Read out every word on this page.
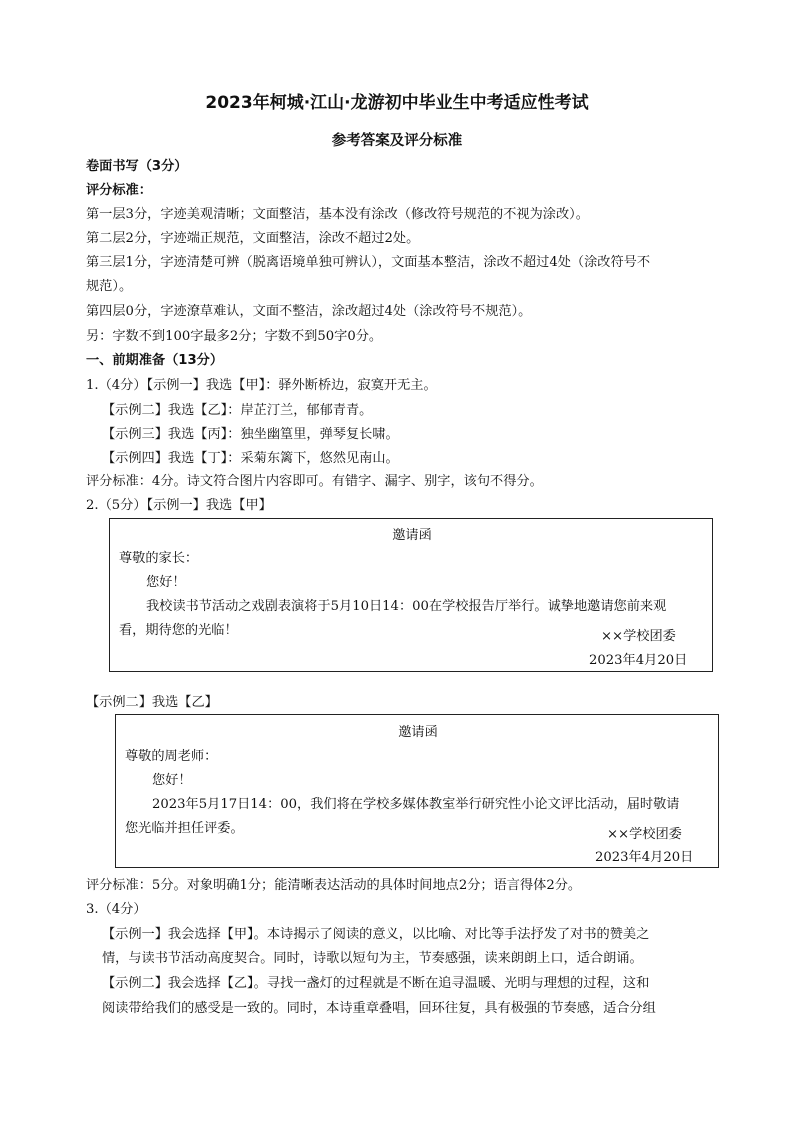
2023年柯城·江山·龙游初中毕业生中考适应性考试
参考答案及评分标准
卷面书写（3分）
评分标准：
第一层3分，字迹美观清晰；文面整洁，基本没有涂改（修改符号规范的不视为涂改）。
第二层2分，字迹端正规范，文面整洁，涂改不超过2处。
第三层1分，字迹清楚可辨（脱离语境单独可辨认），文面基本整洁，涂改不超过4处（涂改符号不
规范）。
第四层0分，字迹潦草难认，文面不整洁，涂改超过4处（涂改符号不规范）。
另：字数不到100字最多2分；字数不到50字0分。
一、前期准备（13分）
1.（4分）【示例一】我选【甲】：驿外断桥边，寂寞开无主。
【示例二】我选【乙】：岸芷汀兰，郁郁青青。
【示例三】我选【丙】：独坐幽篁里，弹琴复长啸。
【示例四】我选【丁】：采菊东篱下，悠然见南山。
评分标准：4分。诗文符合图片内容即可。有错字、漏字、别字，该句不得分。
2.（5分）【示例一】我选【甲】
邀请函
尊敬的家长：
您好！
我校读书节活动之戏剧表演将于5月10日14：00在学校报告厅举行。诚挚地邀请您前来观
看，期待您的光临！	××学校团委
2023年4月20日
【示例二】我选【乙】
邀请函
尊敬的周老师：
您好！
2023年5月17日14：00，我们将在学校多媒体教室举行研究性小论文评比活动，届时敬请
您光临并担任评委。	××学校团委
2023年4月20日
评分标准：5分。对象明确1分；能清晰表达活动的具体时间地点2分；语言得体2分。
3.（4分）
【示例一】我会选择【甲】。本诗揭示了阅读的意义，以比喻、对比等手法抒发了对书的赞美之
情，与读书节活动高度契合。同时，诗歌以短句为主，节奏感强，读来朗朗上口，适合朗诵。
【示例二】我会选择【乙】。寻找一盏灯的过程就是不断在追寻温暖、光明与理想的过程，这和
阅读带给我们的感受是一致的。同时，本诗重章叠唱，回环往复，具有极强的节奏感，适合分组
